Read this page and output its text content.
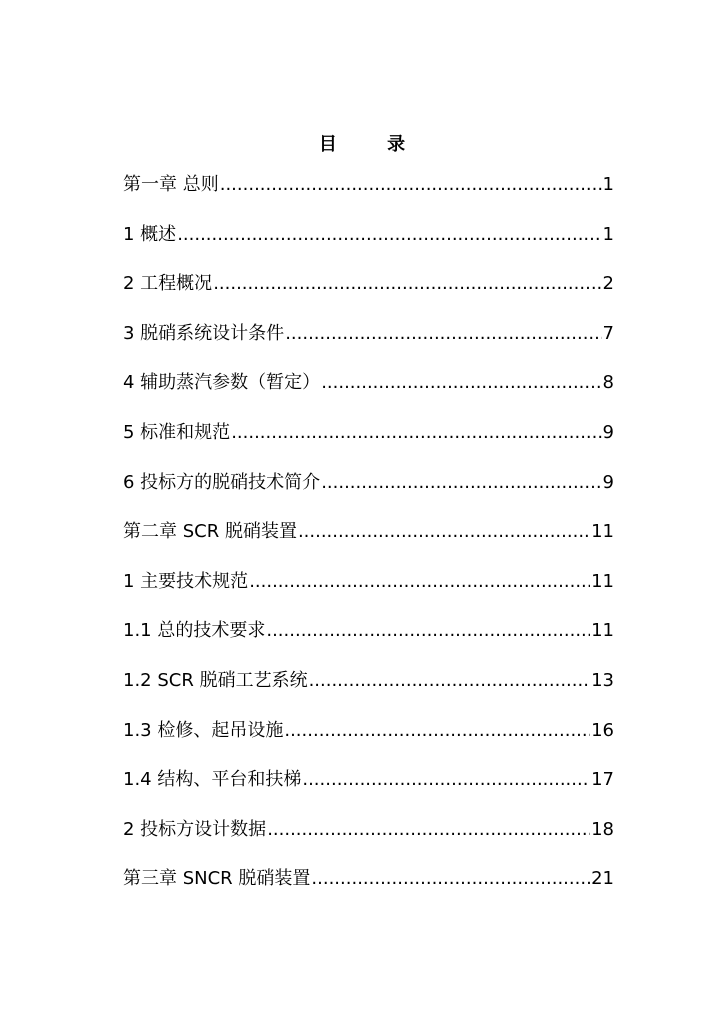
目 录
第一章 总则 .....	1
1 概述 .....	1
2 工程概况 .....	2
3 脱硝系统设计条件 .....	7
4 辅助蒸汽参数（暂定） .....	8
5 标准和规范 .....	9
6 投标方的脱硝技术简介 .....	9
第二章 SCR 脱硝装置 .....	11
1 主要技术规范 .....	11
1.1 总的技术要求 .....	11
1.2 SCR 脱硝工艺系统 .....	13
1.3 检修、起吊设施 .....	16
1.4 结构、平台和扶梯 .....	17
2 投标方设计数据 .....	18
第三章 SNCR 脱硝装置 .....	21
